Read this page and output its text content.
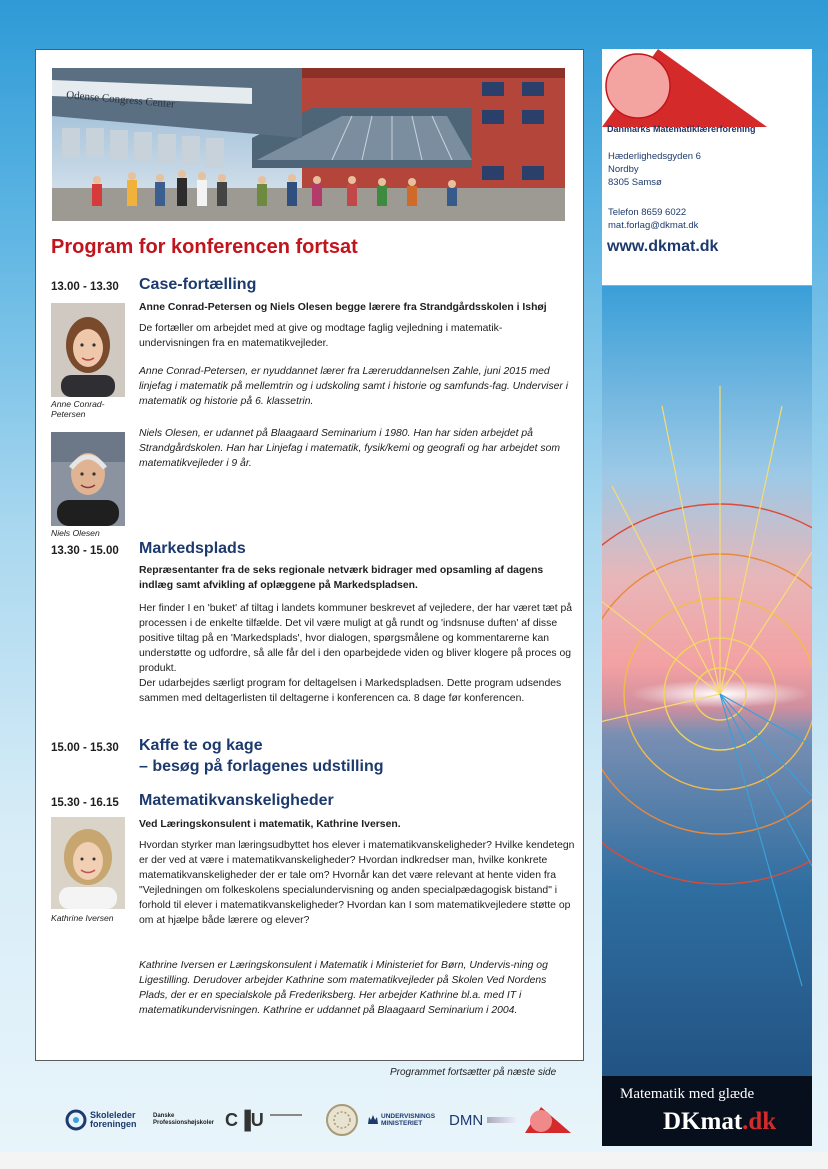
Odense Congress Center
Program for konferencen fortsat
13.00 - 13.30 Case-fortælling
Anne Conrad-Petersen og Niels Olesen begge lærere fra Strandgårdsskolen i Ishøj
De fortæller om arbejdet med at give og modtage faglig vejledning i matematik-undervisningen fra en matematikvejleder.
Anne Conrad-Petersen, er nyuddannet lærer fra Læreruddannelsen Zahle, juni 2015 med linjefag i matematik på mellemtrin og i udskoling samt i historie og samfunds-fag. Underviser i matematik og historie på 6. klassetrin.
Niels Olesen, er udannet på Blaagaard Seminarium i 1980. Han har siden arbejdet på Strandgårdskolen. Han har Linjefag i matematik, fysik/kemi og geografi og har arbejdet som matematikvejleder i 9 år.
Anne Conrad-Petersen
Niels Olesen
13.30 - 15.00 Markedsplads
Repræsentanter fra de seks regionale netværk bidrager med opsamling af dagens indlæg samt afvikling af oplæggene på Markedspladsen.
Her finder I en 'buket' af tiltag i landets kommuner beskrevet af vejledere, der har været tæt på processen i de enkelte tilfælde. Det vil være muligt at gå rundt og 'indsnuse duften' af disse positive tiltag på en 'Markedsplads', hvor dialogen, spørgsmålene og kommentarerne kan understøtte og udfordre, så alle får del i den oparbejdede viden og bliver klogere på proces og produkt.
Der udarbejdes særligt program for deltagelsen i Markedspladsen. Dette program udsendes sammen med deltagerlisten til deltagerne i konferencen ca. 8 dage før konferencen.
15.00 - 15.30 Kaffe te og kage
– besøg på forlagenes udstilling
15.30 - 16.15 Matematikvanskeligheder
Ved Læringskonsulent i matematik, Kathrine Iversen.
Hvordan styrker man læringsudbyttet hos elever i matematikvanskeligheder? Hvilke kendetegn er der ved at være i matematikvanskeligheder? Hvordan indkredser man, hvilke konkrete matematikvanskeligheder der er tale om? Hvornår kan det være relevant at hente viden fra "Vejledningen om folkeskolens specialundervisning og anden specialpædagogisk bistand" i forhold til elever i matematikvanskeligheder? Hvordan kan I som matematikvejledere støtte op om at hjælpe både lærere og elever?
Kathrine Iversen er Læringskonsulent i Matematik i Ministeriet for Børn, Undervis-ning og Ligestilling. Derudover arbejder Kathrine som matematikvejleder på Skolen Ved Nordens Plads, der er en specialskole på Frederiksberg. Her arbejder Kathrine bl.a. med IT i matematikundervisningen. Kathrine er uddannet på Blaagaard Seminarium i 2004.
Kathrine Iversen
Programmet fortsætter på næste side
Skoleleder
foreningen
Danske
Professionshøjskoler C▐U	UNDERVISNINGS
MINISTERIET	DMN
Danmarks Matematiklærerforening
Hæderlighedsgyden 6
Nordby
8305 Samsø
Telefon 8659 6022
mat.forlag@dkmat.dk
www.dkmat.dk
Matematik med glæde
DKmat.dk
